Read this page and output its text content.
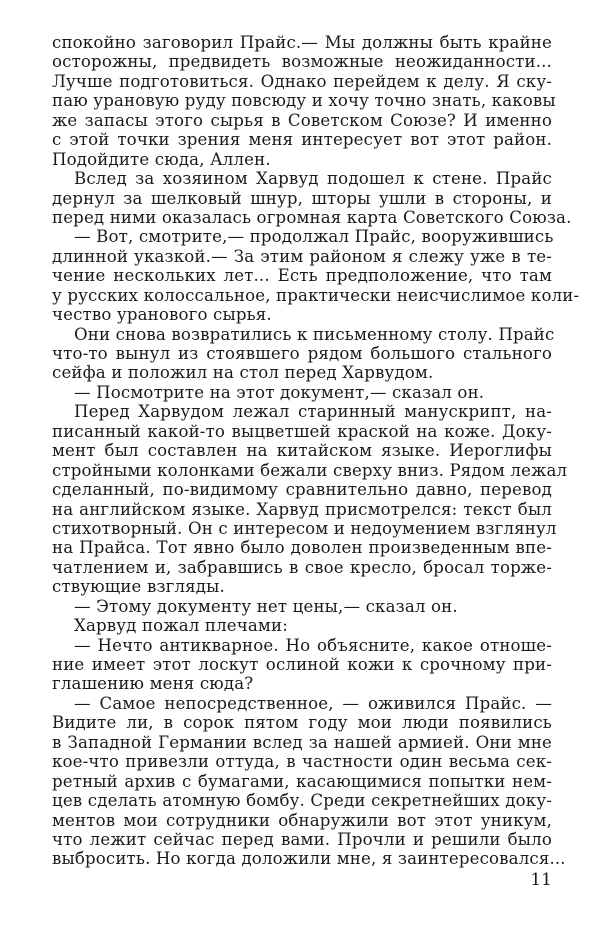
спокойно заговорил Прайс.— Мы должны быть крайне
осторожны, предвидеть возможные неожиданности...
Лучше подготовиться. Однако перейдем к делу. Я ску-
паю урановую руду повсюду и хочу точно знать, каковы
же запасы этого сырья в Советском Союзе? И именно
с этой точки зрения меня интересует вот этот район.
Подойдите сюда, Аллен.
Вслед за хозяином Харвуд подошел к стене. Прайс
дернул за шелковый шнур, шторы ушли в стороны, и
перед ними оказалась огромная карта Советского Союза.
— Вот, смотрите,— продолжал Прайс, вооружившись
длинной указкой.— За этим районом я слежу уже в те-
чение нескольких лет... Есть предположение, что там
у русских колоссальное, практически неисчислимое коли-
чество уранового сырья.
Они снова возвратились к письменному столу. Прайс
что-то вынул из стоявшего рядом большого стального
сейфа и положил на стол перед Харвудом.
— Посмотрите на этот документ,— сказал он.
Перед Харвудом лежал старинный манускрипт, на-
писанный какой-то выцветшей краской на коже. Доку-
мент был составлен на китайском языке. Иероглифы
стройными колонками бежали сверху вниз. Рядом лежал
сделанный, по-видимому сравнительно давно, перевод
на английском языке. Харвуд присмотрелся: текст был
стихотворный. Он с интересом и недоумением взглянул
на Прайса. Тот явно было доволен произведенным впе-
чатлением и, забравшись в свое кресло, бросал торже-
ствующие взгляды.
— Этому документу нет цены,— сказал он.
Харвуд пожал плечами:
— Нечто антикварное. Но объясните, какое отноше-
ние имеет этот лоскут ослиной кожи к срочному при-
глашению меня сюда?
— Самое непосредственное, — оживился Прайс. —
Видите ли, в сорок пятом году мои люди появились
в Западной Германии вслед за нашей армией. Они мне
кое-что привезли оттуда, в частности один весьма сек-
ретный архив с бумагами, касающимися попытки нем-
цев сделать атомную бомбу. Среди секретнейших доку-
ментов мои сотрудники обнаружили вот этот уникум,
что лежит сейчас перед вами. Прочли и решили было
выбросить. Но когда доложили мне, я заинтересовался...
11
